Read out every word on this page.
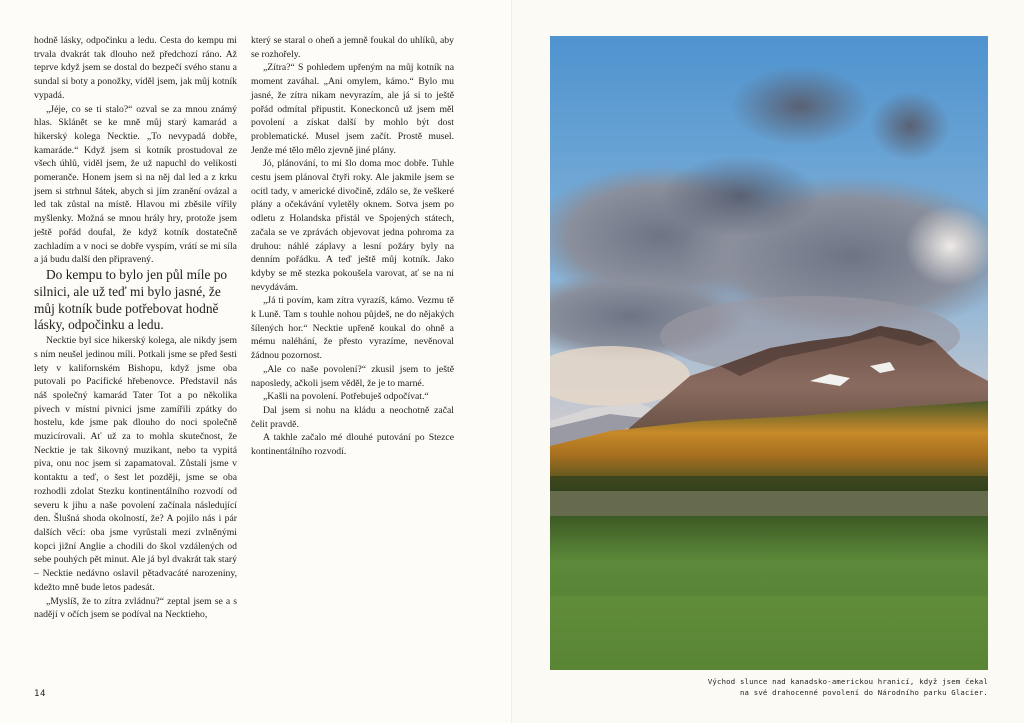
hodně lásky, odpočinku a ledu. Cesta do kempu mi trvala dvakrát tak dlouho než předchozí ráno. Až teprve když jsem se dostal do bezpečí svého stanu a sundal si boty a ponožky, viděl jsem, jak můj kotník vypadá.

„Jéje, co se ti stalo?“ ozval se za mnou známý hlas. Sklánět se ke mně můj starý kamarád a hikerský kolega Necktie. „To nevypadá dobře, kamaráde.“ Když jsem si kotník prostudoval ze všech úhlů, viděl jsem, že už napuchl do velikosti pomeranče. Honem jsem si na něj dal led a z krku jsem si strhnul šátek, abych si jím zranění ovázal a led tak zůstal na místě. Hlavou mi zběsile vířily myšlenky. Možná se mnou hrály hry, protože jsem ještě pořád doufal, že když kotník dostatečně zachladím a v noci se dobře vyspím, vrátí se mi síla a já budu další den připravený.

Do kempu to bylo jen půl míle po silnici, ale už teď mi bylo jasné, že můj kotník bude potřebovat hodně lásky, odpočinku a ledu.

Necktie byl sice hikerský kolega, ale nikdy jsem s ním neušel jedinou míli. Potkali jsme se před šesti lety v kalifornském Bishopu, když jsme oba putovali po Pacifické hřebenovce. Představil nás náš společný kamarád Tater Tot a po několika pivech v místní pivnici jsme zamířili zpátky do hostelu, kde jsme pak dlouho do noci společně muzicírovali. Ať už za to mohla skutečnost, že Necktie je tak šikovný muzikant, nebo ta vypitá piva, onu noc jsem si zapamatoval. Zůstali jsme v kontaktu a teď, o šest let později, jsme se oba rozhodli zdolat Stezku kontinentálního rozvodí od severu k jihu a naše povolení začínala následující den. Šlušná shoda okolností, že? A pojilo nás i pár dalších věcí: oba jsme vyrůstali mezi zvlněnými kopci jižní Anglie a chodili do škol vzdálených od sebe pouhých pět minut. Ale já byl dvakrát tak starý – Necktie nedávno oslavil pětadvacáté narozeniny, kdežto mně bude letos padesát.

„Myslíš, že to zítra zvládnu?“ zeptal jsem se a s nadějí v očích jsem se podíval na Necktieho,

který se staral o oheň a jemně foukal do uhlíků, aby se rozhořely.

„Zítra?“ S pohledem upřeným na můj kotník na moment zaváhal. „Ani omylem, kámo.“ Bylo mu jasné, že zítra nikam nevyrazím, ale já si to ještě pořád odmítal připustit. Koneckonců už jsem měl povolení a získat další by mohlo být dost problematické. Musel jsem začít. Prostě musel. Jenže mé tělo mělo zjevně jiné plány.

Jó, plánování, to mi šlo doma moc dobře. Tuhle cestu jsem plánoval čtyři roky. Ale jakmile jsem se ocitl tady, v americké divočině, zdálo se, že veškeré plány a očekávání vyletěly oknem. Sotva jsem po odletu z Holandska přistál ve Spojených státech, začala se ve zprávách objevovat jedna pohroma za druhou: náhlé záplavy a lesní požáry byly na denním pořádku. A teď ještě můj kotník. Jako kdyby se mě stezka pokoušela varovat, ať se na ni nevydávám.

„Já ti povím, kam zítra vyrazíš, kámo. Vezmu tě k Luně. Tam s touhle nohou půjdeš, ne do nějakých šílených hor.“ Necktie upřeně koukal do ohně a mému naléhání, že přesto vyrazíme, nevěnoval žádnou pozornost.

„Ale co naše povolení?“ zkusil jsem to ještě naposledy, ačkoli jsem věděl, že je to marné.

„Kašli na povolení. Potřebuješ odpočívat.“

Dal jsem si nohu na kládu a neochotně začal čelit pravdě.

A takhle začalo mé dlouhé putování po Stezce kontinentálního rozvodí.

14
Východ slunce nad kanadsko-americkou hranicí, když jsem čekal
na své drahocenné povolení do Národního parku Glacier.
